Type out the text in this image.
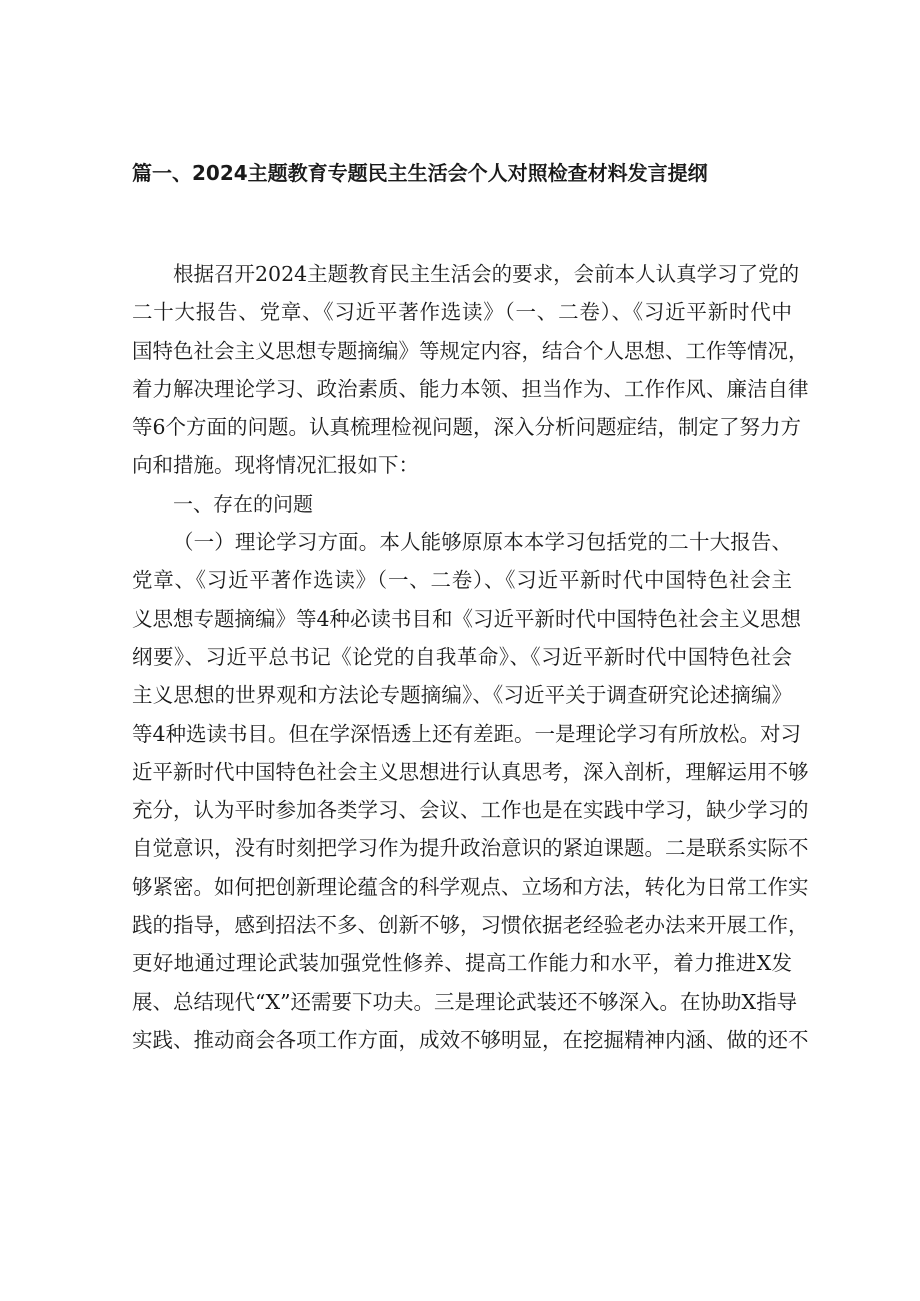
篇一、2024主题教育专题民主生活会个人对照检查材料发言提纲
根据召开2024主题教育民主生活会的要求，会前本人认真学习了党的
二十大报告、党章、《习近平著作选读》（一、二卷）、《习近平新时代中
国特色社会主义思想专题摘编》等规定内容，结合个人思想、工作等情况，
着力解决理论学习、政治素质、能力本领、担当作为、工作作风、廉洁自律
等6个方面的问题。认真梳理检视问题，深入分析问题症结，制定了努力方
向和措施。现将情况汇报如下：
一、存在的问题
（一）理论学习方面。本人能够原原本本学习包括党的二十大报告、
党章、《习近平著作选读》（一、二卷）、《习近平新时代中国特色社会主
义思想专题摘编》等4种必读书目和《习近平新时代中国特色社会主义思想
纲要》、习近平总书记《论党的自我革命》、《习近平新时代中国特色社会
主义思想的世界观和方法论专题摘编》、《习近平关于调查研究论述摘编》
等4种选读书目。但在学深悟透上还有差距。一是理论学习有所放松。对习
近平新时代中国特色社会主义思想进行认真思考，深入剖析，理解运用不够
充分，认为平时参加各类学习、会议、工作也是在实践中学习，缺少学习的
自觉意识，没有时刻把学习作为提升政治意识的紧迫课题。二是联系实际不
够紧密。如何把创新理论蕴含的科学观点、立场和方法，转化为日常工作实
践的指导，感到招法不多、创新不够，习惯依据老经验老办法来开展工作，
更好地通过理论武装加强党性修养、提高工作能力和水平，着力推进X发
展、总结现代“X”还需要下功夫。三是理论武装还不够深入。在协助X指导
实践、推动商会各项工作方面，成效不够明显，在挖掘精神内涵、做的还不
